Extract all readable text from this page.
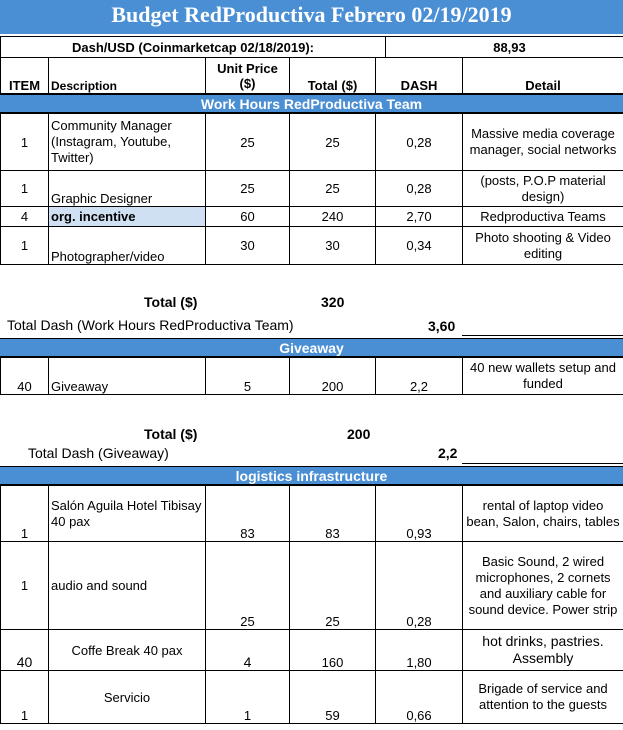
Budget RedProductiva Febrero 02/19/2019
Dash/USD (Coinmarketcap 02/18/2019):	88,93
ITEM	Description	Unit Price ($)	Total ($)	DASH	Detail
Work Hours RedProductiva Team
1	Community Manager (Instagram, Youtube, Twitter)	25	25	0,28	Massive media coverage manager, social networks
1	Graphic Designer	25	25	0,28	(posts, P.O.P material design)
4	org. incentive	60	240	2,70	Redproductiva Teams
1	Photographer/video	30	30	0,34	Photo shooting & Video editing
Total ($)	320
Total Dash (Work Hours RedProductiva Team)	3,60
Giveaway
40	Giveaway	5	200	2,2	40 new wallets setup and funded
Total ($)	200
Total Dash (Giveaway)	2,2
logistics infrastructure
1	Salón Aguila Hotel Tibisay 40 pax	83	83	0,93	rental of laptop video bean, Salon, chairs, tables
1	audio and sound	25	25	0,28	Basic Sound, 2 wired microphones, 2 cornets and auxiliary cable for sound device. Power strip
40	Coffe Break 40 pax	4	160	1,80	hot drinks, pastries. Assembly
1	Servicio	1	59	0,66	Brigade of service and attention to the guests
